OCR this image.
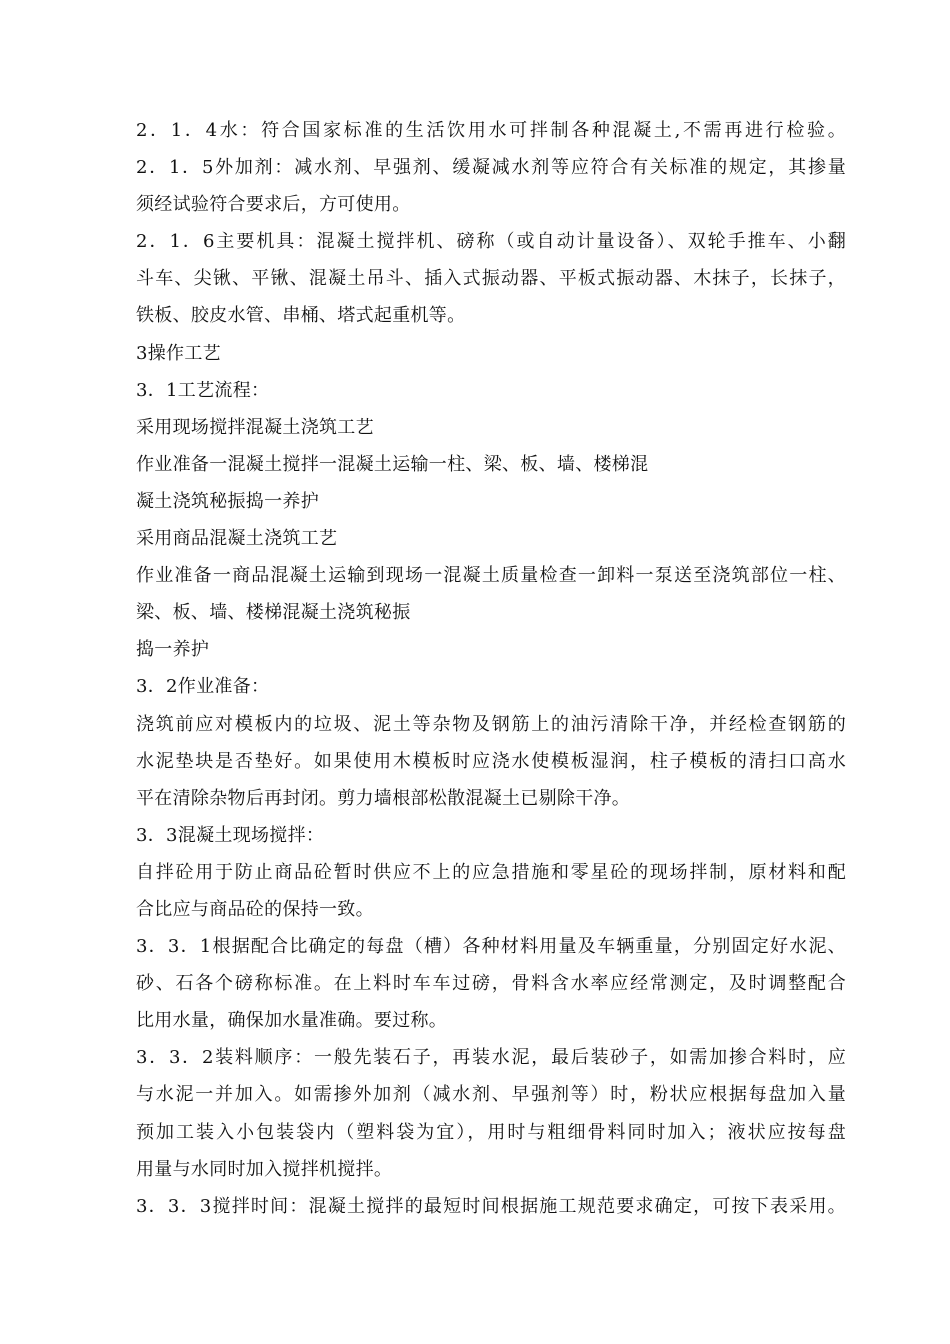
2．1．4水：符合国家标准的生活饮用水可拌制各种混凝土,不需再进行检验。
2．1．5外加剂：减水剂、早强剂、缓凝减水剂等应符合有关标准的规定，其掺量
须经试验符合要求后，方可使用。
2．1．6主要机具：混凝土搅拌机、磅称（或自动计量设备）、双轮手推车、小翻
斗车、尖锹、平锹、混凝土吊斗、插入式振动器、平板式振动器、木抹子，长抹子，
铁板、胶皮水管、串桶、塔式起重机等。
3操作工艺
3．1工艺流程：
采用现场搅拌混凝土浇筑工艺
作业准备一混凝土搅拌一混凝土运输一柱、梁、板、墙、楼梯混
凝土浇筑秘振捣一养护
采用商品混凝土浇筑工艺
作业准备一商品混凝土运输到现场一混凝土质量检查一卸料一泵送至浇筑部位一柱、
梁、板、墙、楼梯混凝土浇筑秘振
捣一养护
3．2作业准备：
浇筑前应对模板内的垃圾、泥土等杂物及钢筋上的油污清除干净，并经检查钢筋的
水泥垫块是否垫好。如果使用木模板时应浇水使模板湿润，柱子模板的清扫口高水
平在清除杂物后再封闭。剪力墙根部松散混凝土已剔除干净。
3．3混凝土现场搅拌：
自拌砼用于防止商品砼暂时供应不上的应急措施和零星砼的现场拌制，原材料和配
合比应与商品砼的保持一致。
3．3．1根据配合比确定的每盘（槽）各种材料用量及车辆重量，分别固定好水泥、
砂、石各个磅称标准。在上料时车车过磅，骨料含水率应经常测定，及时调整配合
比用水量，确保加水量准确。要过称。
3．3．2装料顺序：一般先装石子，再装水泥，最后装砂子，如需加掺合料时，应
与水泥一并加入。如需掺外加剂（减水剂、早强剂等）时，粉状应根据每盘加入量
预加工装入小包装袋内（塑料袋为宜），用时与粗细骨料同时加入；液状应按每盘
用量与水同时加入搅拌机搅拌。
3．3．3搅拌时间：混凝土搅拌的最短时间根据施工规范要求确定，可按下表采用。
